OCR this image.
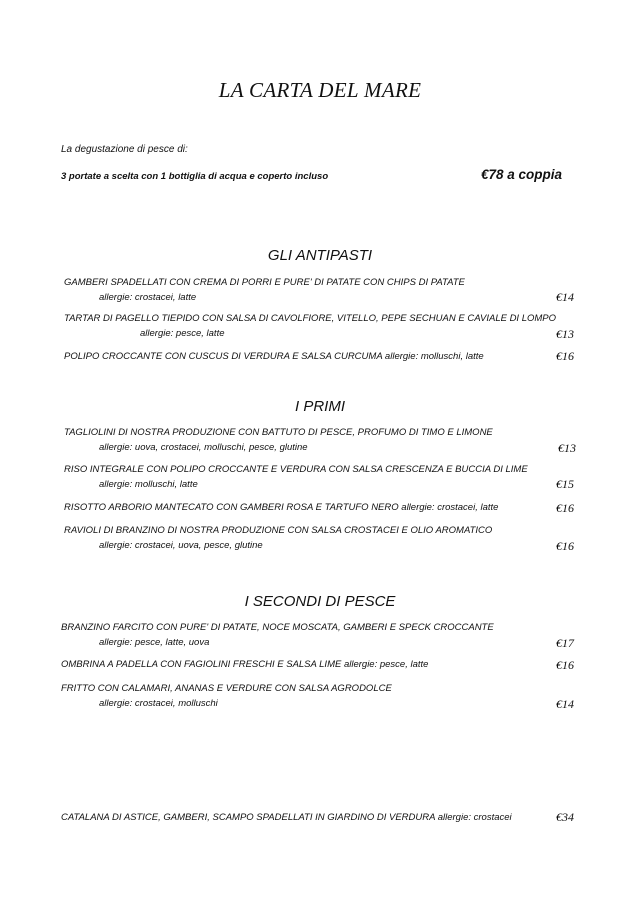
LA CARTA DEL MARE
La degustazione di pesce di:
3 portate a scelta con 1 bottiglia di acqua e coperto incluso	€78 a coppia
GLI ANTIPASTI
GAMBERI SPADELLATI CON CREMA DI PORRI E PURE' DI PATATE CON CHIPS DI PATATE
allergie: crostacei, latte	€14
TARTAR DI PAGELLO TIEPIDO CON SALSA DI CAVOLFIORE, VITELLO, PEPE SECHUAN E CAVIALE DI LOMPO
allergie: pesce, latte	€13
POLIPO CROCCANTE CON CUSCUS DI VERDURA E SALSA CURCUMA allergie: molluschi, latte	€16
I PRIMI
TAGLIOLINI DI NOSTRA PRODUZIONE CON BATTUTO DI PESCE, PROFUMO DI TIMO E LIMONE
allergie: uova, crostacei, molluschi, pesce, glutine	€13
RISO INTEGRALE CON POLIPO CROCCANTE E VERDURA CON SALSA CRESCENZA E BUCCIA DI LIME
allergie: molluschi, latte	€15
RISOTTO ARBORIO MANTECATO CON GAMBERI ROSA E TARTUFO NERO allergie: crostacei, latte	€16
RAVIOLI DI BRANZINO DI NOSTRA PRODUZIONE CON SALSA CROSTACEI E OLIO AROMATICO
allergie: crostacei, uova, pesce, glutine	€16
I SECONDI DI PESCE
BRANZINO FARCITO CON PURE' DI PATATE, NOCE MOSCATA, GAMBERI E SPECK CROCCANTE
allergie: pesce, latte, uova	€17
OMBRINA A PADELLA CON FAGIOLINI FRESCHI E SALSA LIME allergie: pesce, latte	€16
FRITTO CON CALAMARI, ANANAS E VERDURE CON SALSA AGRODOLCE
allergie: crostacei, molluschi	€14
CATALANA DI ASTICE, GAMBERI, SCAMPO SPADELLATI IN GIARDINO DI VERDURA allergie: crostacei	€34
